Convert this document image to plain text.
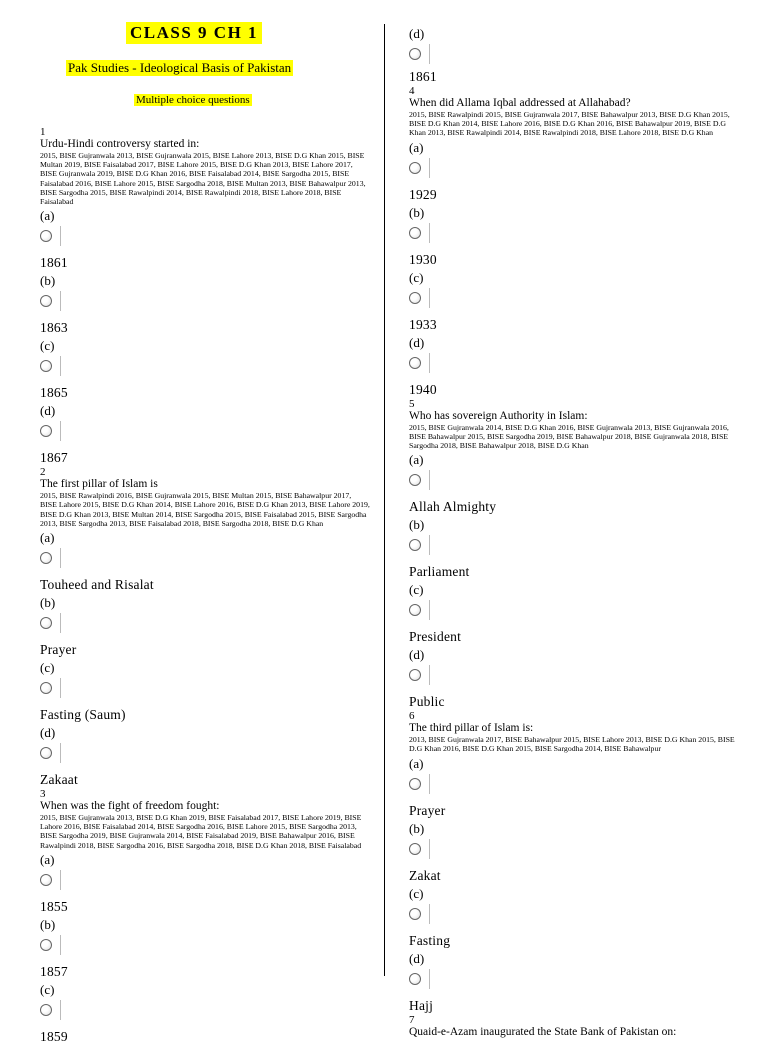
CLASS 9 CH 1
Pak Studies - Ideological Basis of Pakistan
Multiple choice questions
1
Urdu-Hindi controversy started in:
2015, BISE Gujranwala 2013, BISE Gujranwala 2015, BISE Lahore 2013, BISE D.G Khan 2015, BISE Multan 2019, BISE Faisalabad 2017, BISE Lahore 2015, BISE D.G Khan 2013, BISE Lahore 2017, BISE Gujranwala 2019, BISE D.G Khan 2016, BISE Faisalabad 2014, BISE Sargodha 2015, BISE Faisalabad 2016, BISE Lahore 2015, BISE Sargodha 2018, BISE Multan 2013, BISE Bahawalpur 2013, BISE Sargodha 2015, BISE Rawalpindi 2014, BISE Rawalpindi 2018, BISE Lahore 2018, BISE Faisalabad
(a)
1861
(b)
1863
(c)
1865
(d)
1867
2
The first pillar of Islam is
2015, BISE Rawalpindi 2016, BISE Gujranwala 2015, BISE Multan 2015, BISE Bahawalpur 2017, BISE Lahore 2015, BISE D.G Khan 2014, BISE Lahore 2016, BISE D.G Khan 2013, BISE Lahore 2019, BISE D.G Khan 2013, BISE Multan 2014, BISE Sargodha 2015, BISE Faisalabad 2015, BISE Sargodha 2013, BISE Sargodha 2013, BISE Faisalabad 2018, BISE Sargodha 2018, BISE D.G Khan
(a)
Touheed and Risalat
(b)
Prayer
(c)
Fasting (Saum)
(d)
Zakaat
3
When was the fight of freedom fought:
2015, BISE Gujranwala 2013, BISE D.G Khan 2019, BISE Faisalabad 2017, BISE Lahore 2019, BISE Lahore 2016, BISE Faisalabad 2014, BISE Sargodha 2016, BISE Lahore 2015, BISE Sargodha 2013, BISE Sargodha 2019, BISE Gujranwala 2014, BISE Faisalabad 2019, BISE Bahawalpur 2016, BISE Rawalpindi 2018, BISE Sargodha 2016, BISE Sargodha 2018, BISE D.G Khan 2018, BISE Faisalabad
(a)
1855
(b)
1857
(c)
1859
(d)
1861
4
When did Allama Iqbal addressed at Allahabad?
2015, BISE Rawalpindi 2015, BISE Gujranwala 2017, BISE Bahawalpur 2013, BISE D.G Khan 2015, BISE D.G Khan 2014, BISE Lahore 2016, BISE D.G Khan 2016, BISE Bahawalpur 2019, BISE D.G Khan 2013, BISE Rawalpindi 2014, BISE Rawalpindi 2018, BISE Lahore 2018, BISE D.G Khan
(a)
1929
(b)
1930
(c)
1933
(d)
1940
5
Who has sovereign Authority in Islam:
2015, BISE Gujranwala 2014, BISE D.G Khan 2016, BISE Gujranwala 2013, BISE Gujranwala 2016, BISE Bahawalpur 2015, BISE Sargodha 2019, BISE Bahawalpur 2018, BISE Gujranwala 2018, BISE Sargodha 2018, BISE Bahawalpur 2018, BISE D.G Khan
(a)
Allah Almighty
(b)
Parliament
(c)
President
(d)
Public
6
The third pillar of Islam is:
2013, BISE Gujranwala 2017, BISE Bahawalpur 2015, BISE Lahore 2013, BISE D.G Khan 2015, BISE D.G Khan 2016, BISE D.G Khan 2015, BISE Sargodha 2014, BISE Bahawalpur
(a)
Prayer
(b)
Zakat
(c)
Fasting
(d)
Hajj
7
Quaid-e-Azam inaugurated the State Bank of Pakistan on:
